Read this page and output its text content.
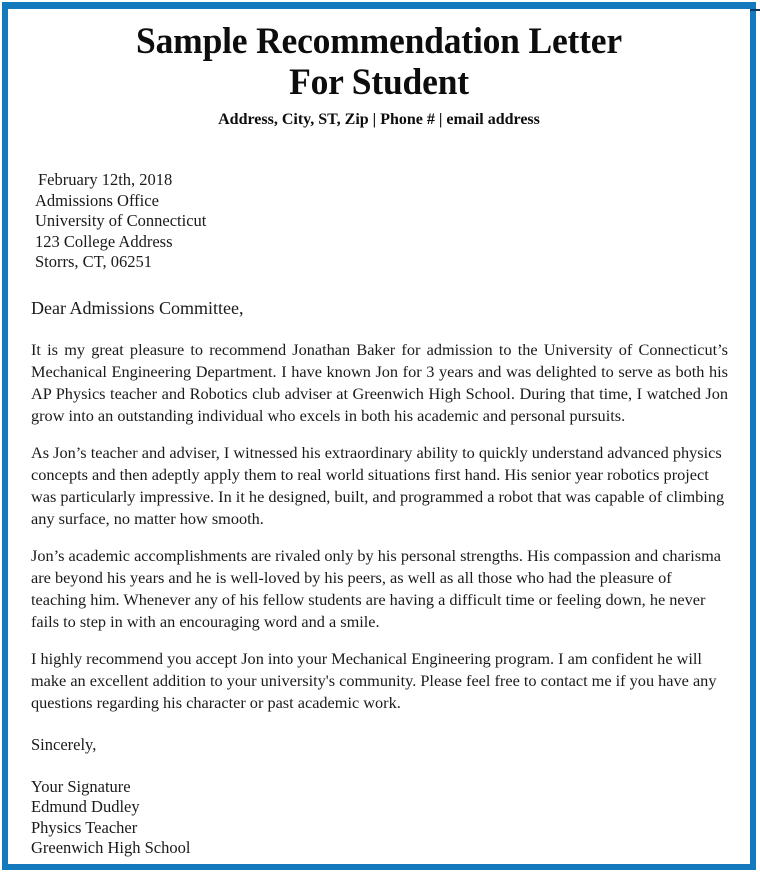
Sample Recommendation Letter
For Student
Address, City, ST, Zip | Phone # | email address
February 12th, 2018
Admissions Office
University of Connecticut
123 College Address
Storrs, CT, 06251
Dear Admissions Committee,

It is my great pleasure to recommend Jonathan Baker for admission to the University of Connecticut’s Mechanical Engineering Department. I have known Jon for 3 years and was delighted to serve as both his AP Physics teacher and Robotics club adviser at Greenwich High School. During that time, I watched Jon grow into an outstanding individual who excels in both his academic and personal pursuits.

As Jon’s teacher and adviser, I witnessed his extraordinary ability to quickly understand advanced physics concepts and then adeptly apply them to real world situations first hand. His senior year robotics project was particularly impressive. In it he designed, built, and programmed a robot that was capable of climbing any surface, no matter how smooth.

Jon’s academic accomplishments are rivaled only by his personal strengths. His compassion and charisma are beyond his years and he is well-loved by his peers, as well as all those who had the pleasure of teaching him. Whenever any of his fellow students are having a difficult time or feeling down, he never fails to step in with an encouraging word and a smile.

I highly recommend you accept Jon into your Mechanical Engineering program. I am confident he will make an excellent addition to your university's community. Please feel free to contact me if you have any questions regarding his character or past academic work.

Sincerely,
Your Signature
Edmund Dudley
Physics Teacher
Greenwich High School
